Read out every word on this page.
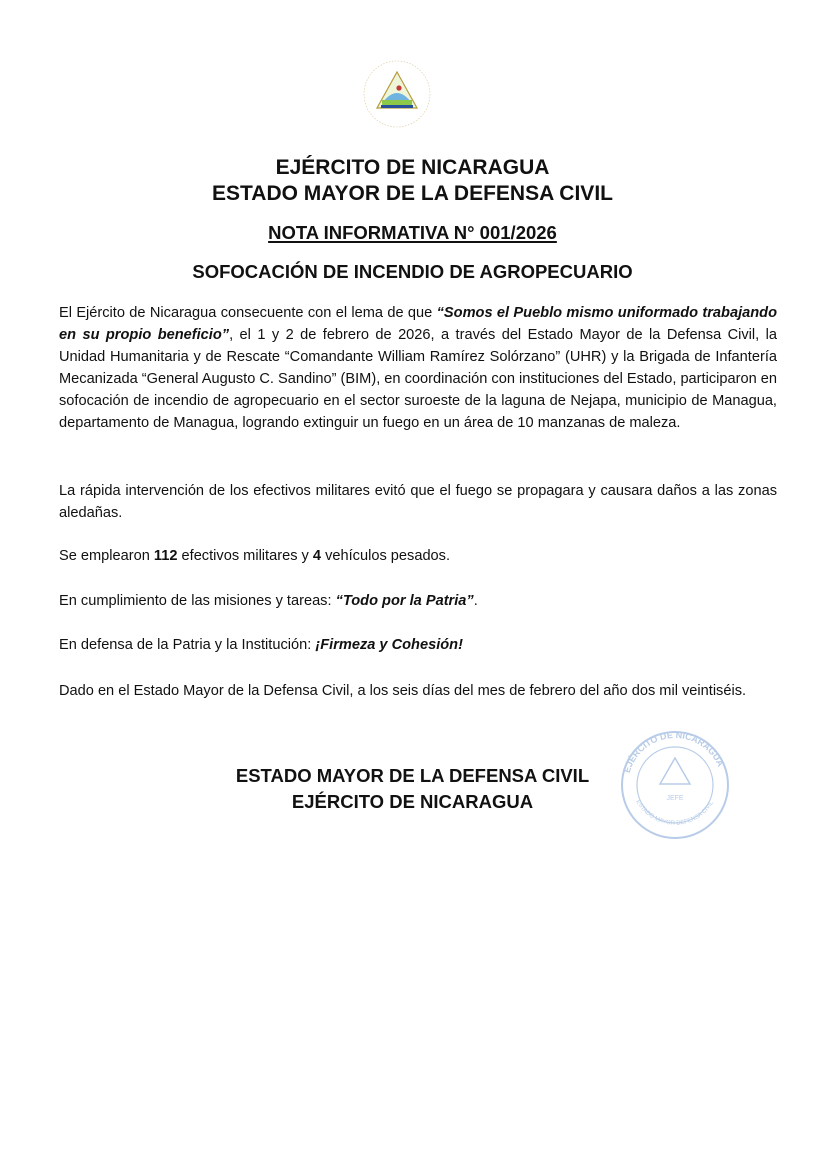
EJÉRCITO DE NICARAGUA
ESTADO MAYOR DE LA DEFENSA CIVIL
NOTA INFORMATIVA N° 001/2026
SOFOCACIÓN DE INCENDIO DE AGROPECUARIO
El Ejército de Nicaragua consecuente con el lema de que “Somos el Pueblo mismo uniformado trabajando en su propio beneficio”, el 1 y 2 de febrero de 2026, a través del Estado Mayor de la Defensa Civil, la Unidad Humanitaria y de Rescate “Comandante William Ramírez Solórzano” (UHR) y la Brigada de Infantería Mecanizada “General Augusto C. Sandino” (BIM), en coordinación con instituciones del Estado, participaron en sofocación de incendio de agropecuario en el sector suroeste de la laguna de Nejapa, municipio de Managua, departamento de Managua, logrando extinguir un fuego en un área de 10 manzanas de maleza.
La rápida intervención de los efectivos militares evitó que el fuego se propagara y causara daños a las zonas aledañas.
Se emplearon 112 efectivos militares y 4 vehículos pesados.
En cumplimiento de las misiones y tareas: “Todo por la Patria”.
En defensa de la Patria y la Institución: ¡Firmeza y Cohesión!
Dado en el Estado Mayor de la Defensa Civil, a los seis días del mes de febrero del año dos mil veintiséis.
ESTADO MAYOR DE LA DEFENSA CIVIL
EJÉRCITO DE NICARAGUA	JEFE
EJÉRCITO DE NICARAGUA
ESTADO MAYOR DEFENSA CIVIL
